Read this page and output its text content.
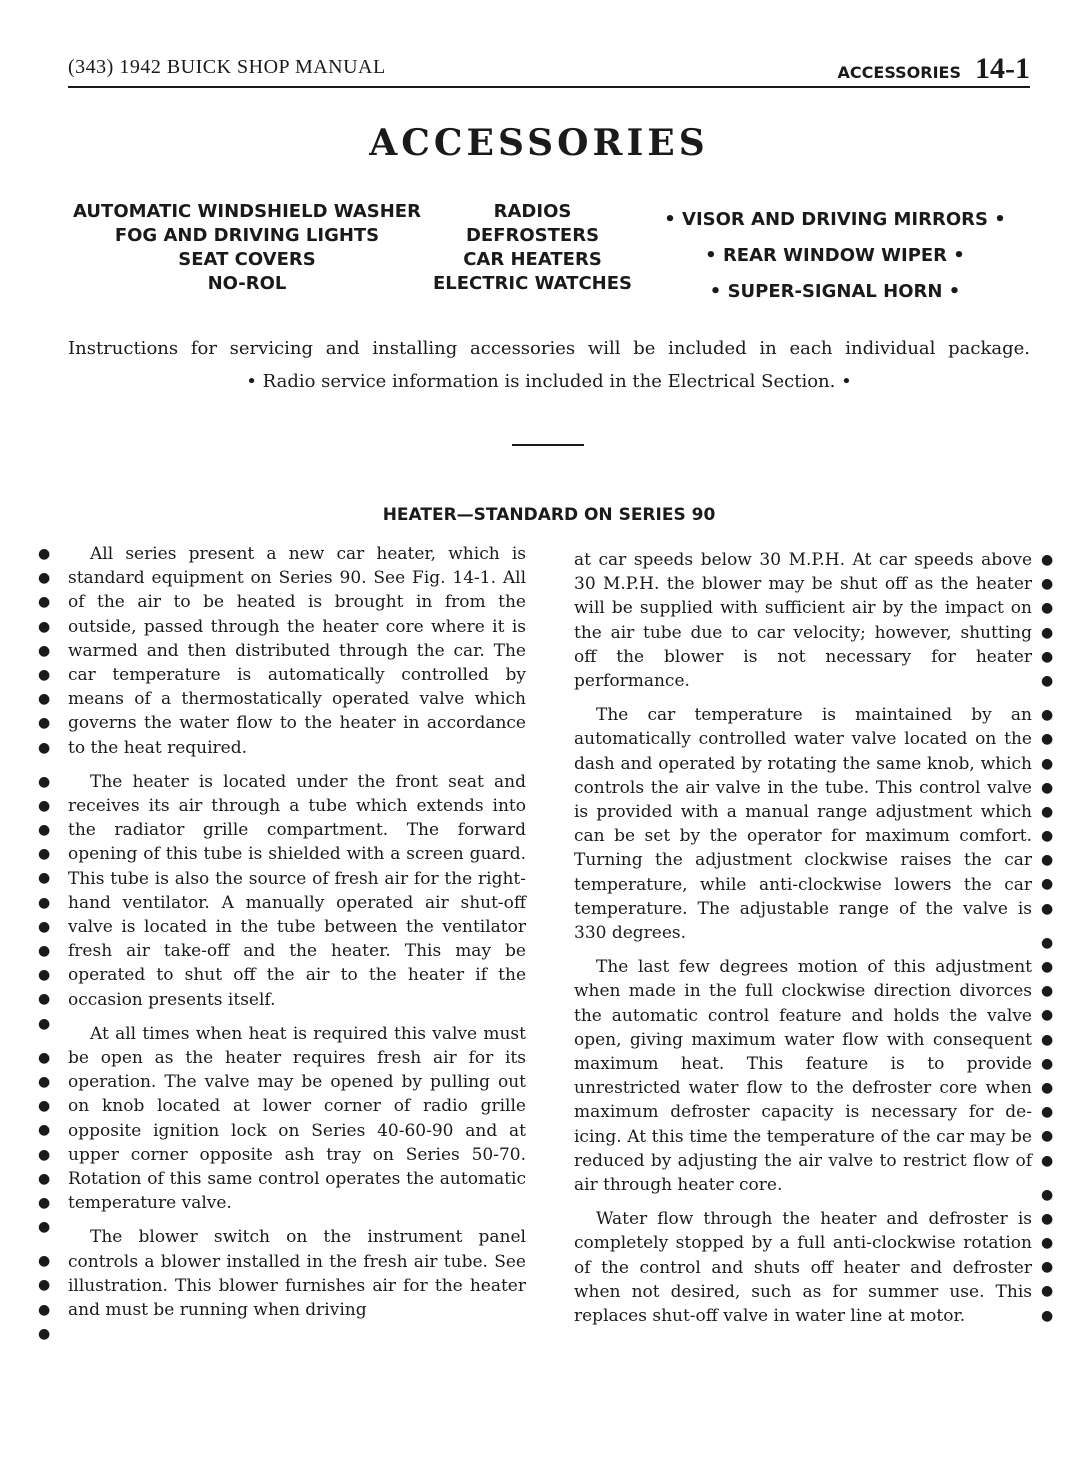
(343) 1942 BUICK SHOP MANUAL	ACCESSORIES 14-1
ACCESSORIES
AUTOMATIC WINDSHIELD WASHER
FOG AND DRIVING LIGHTS
SEAT COVERS
NO-ROL
RADIOS
DEFROSTERS
CAR HEATERS
ELECTRIC WATCHES
• VISOR AND DRIVING MIRRORS •
• REAR WINDOW WIPER •
• SUPER-SIGNAL HORN •
Instructions for servicing and installing accessories will be included in each individual package.
• Radio service information is included in the Electrical Section. •
HEATER—STANDARD ON SERIES 90

All series present a new car heater, which is standard equipment on Series 90. See Fig. 14-1. All of the air to be heated is brought in from the outside, passed through the heater core where it is warmed and then distributed through the car. The car temperature is automatically controlled by means of a thermostatically operated valve which governs the water flow to the heater in accordance to the heat required.

The heater is located under the front seat and receives its air through a tube which extends into the radiator grille compartment. The forward opening of this tube is shielded with a screen guard. This tube is also the source of fresh air for the right-hand ventilator. A manually operated air shut-off valve is located in the tube between the ventilator fresh air take-off and the heater. This may be operated to shut off the air to the heater if the occasion presents itself.

At all times when heat is required this valve must be open as the heater requires fresh air for its operation. The valve may be opened by pulling out on knob located at lower corner of radio grille opposite ignition lock on Series 40-60-90 and at upper corner opposite ash tray on Series 50-70. Rotation of this same control operates the automatic temperature valve.

The blower switch on the instrument panel controls a blower installed in the fresh air tube. See illustration. This blower furnishes air for the heater and must be running when driving

at car speeds below 30 M.P.H. At car speeds above 30 M.P.H. the blower may be shut off as the heater will be supplied with sufficient air by the impact on the air tube due to car velocity; however, shutting off the blower is not necessary for heater performance.

The car temperature is maintained by an automatically controlled water valve located on the dash and operated by rotating the same knob, which controls the air valve in the tube. This control valve is provided with a manual range adjustment which can be set by the operator for maximum comfort. Turning the adjustment clockwise raises the car temperature, while anti-clockwise lowers the car temperature. The adjustable range of the valve is 330 degrees.

The last few degrees motion of this adjustment when made in the full clockwise direction divorces the automatic control feature and holds the valve open, giving maximum water flow with consequent maximum heat. This feature is to provide unrestricted water flow to the defroster core when maximum defroster capacity is necessary for de-icing. At this time the temperature of the car may be reduced by adjusting the air valve to restrict flow of air through heater core.

Water flow through the heater and defroster is completely stopped by a full anti-clockwise rotation of the control and shuts off heater and defroster when not desired, such as for summer use. This replaces shut-off valve in water line at motor.

●
●
●
●
●
●
●
●
●
●
●
●
●
●
●
●
●
●
●
●
●
●
●
●
●
●
●
●
●
●
●
●
●
●
●
●
●
●
●
●
●
●
●
●
●
●
●
●
●
●
●
●
●
●
●
●
●
●
●
●
●
●
●
